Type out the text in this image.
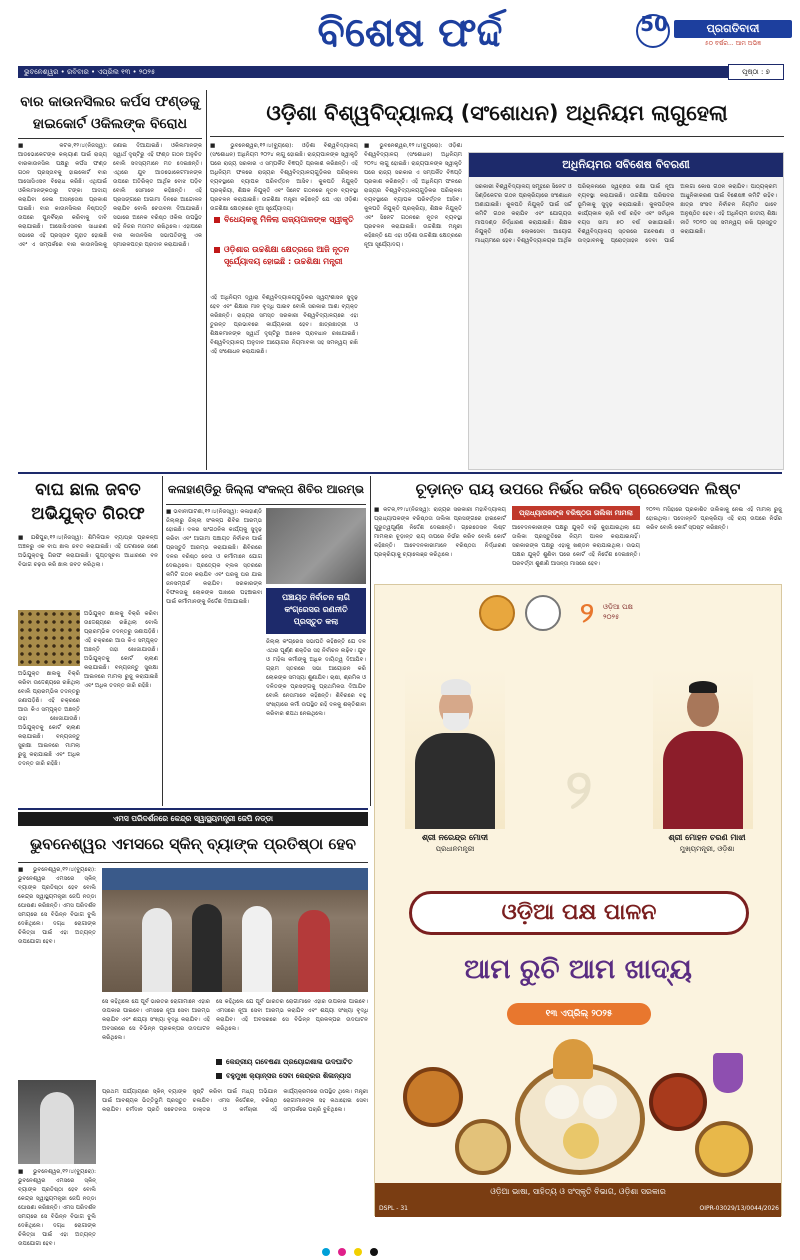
ବିଶେଷ ଫର୍ଦ୍ଦ	50	ପ୍ରଗତିବାଦୀ
୫୦ ବର୍ଷର... ଆମ ଅଭିଜ୍ଞ
ଭୁବନେଶ୍ୱର • ରବିବାର • ଏପ୍ରିଲ ୧୩ • ୨୦୨୫	ପୃଷ୍ଠା : ୭
ବାର କାଉନସିଲର କର୍ପସ ଫଣ୍ଡକୁ
ହାଇକୋର୍ଟ ଓକିଲଙ୍କ ବିରୋଧ
■ କଟକ,୧୨।୪(ନିଜସ୍ୱ): ଆଡଭୋକେଟଙ୍କ କଲ୍ୟାଣ ପାଇଁ ରାଜ୍ୟ ବାରକାଉନସିଲ ପକ୍ଷରୁ କର୍ପସ ଫଣ୍ଡ ଗଠନ ପ୍ରସ୍ତାବକୁ ହାଇକୋର୍ଟ ବାର ଆସୋସିଏସନ ବିରୋଧ କରିଛି। ଏଥିପାଇଁ ଓକିଲମାନଙ୍କଠାରୁ ଟଙ୍କା ଆଦାୟ କରାଯିବା ନେଇ ଅସନ୍ତୋଷ ପ୍ରକାଶ ପାଇଛି। ବାର କାଉନସିଲର ନିଷ୍ପତ୍ତି ଉପରେ ପୁନର୍ବିଚାର କରିବାକୁ ଦାବି କରାଯାଇଛି। ଆସୋସିଏସନର ସାଧାରଣ ସଭାରେ ଏହି ପ୍ରସ୍ତାବ ଗୃହୀତ ହୋଇଛି ଏବଂ ଏ ସମ୍ପର୍କରେ ବାର କାଉନସିଲକୁ ଜଣାଇ ଦିଆଯାଇଛି। ଓକିଲମାନଙ୍କ ସ୍ୱାର୍ଥ ଦୃଷ୍ଟିରୁ ଏହି ଫଣ୍ଡ ଗଠନ ଅନୁଚିତ ବୋଲି ସଦସ୍ୟମାନେ ମତ ଦେଇଛନ୍ତି। ଏଥିରେ ଯୁବ ଆଡଭୋକେଟମାନଙ୍କ ଉପରେ ଅତିରିକ୍ତ ଆର୍ଥିକ ବୋଝ ପଡ଼ିବ ବୋଲି ସେମାନେ କହିଛନ୍ତି। ଏହି ପ୍ରସଙ୍ଗରେ ଆଗାମୀ ଦିନରେ ଆନ୍ଦୋଳନ କରାଯିବ ବୋଲି ଚେତାବନୀ ଦିଆଯାଇଛି। ସଭାରେ ଅନେକ ବରିଷ୍ଠ ଓକିଲ ଉପସ୍ଥିତ ରହି ନିଜର ମତାମତ ରଖିଥିଲେ। ଏହାପରେ ବାର କାଉନସିଲ ସଭାପତିଙ୍କୁ ଏକ ସ୍ମାରକପତ୍ର ପ୍ରଦାନ କରାଯାଇଛି।
ଓଡ଼ିଶା ବିଶ୍ୱବିଦ୍ୟାଳୟ (ସଂଶୋଧନ) ଅଧିନିୟମ ଲାଗୁହେଲା
■ ଭୁବନେଶ୍ୱର,୧୨।୪(ବ୍ୟୁରୋ): ଓଡ଼ିଶା ବିଶ୍ୱବିଦ୍ୟାଳୟ (ସଂଶୋଧନ) ଅଧିନିୟମ ୨୦୨୪ ଲାଗୁ ହୋଇଛି। ରାଜ୍ୟପାଳଙ୍କ ସ୍ୱୀକୃତି ପରେ ରାଜ୍ୟ ସରକାର ଏ ସମ୍ପର୍କିତ ବିଜ୍ଞପ୍ତି ପ୍ରକାଶ କରିଛନ୍ତି। ଏହି ଅଧିନିୟମ ଫଳରେ ରାଜ୍ୟର ବିଶ୍ୱବିଦ୍ୟାଳୟଗୁଡ଼ିକର ପରିଚାଳନା ବ୍ୟବସ୍ଥାରେ ବ୍ୟାପକ ପରିବର୍ତ୍ତନ ଆସିବ। କୁଳପତି ନିଯୁକ୍ତି ପ୍ରକ୍ରିୟା, ଶିକ୍ଷକ ନିଯୁକ୍ତି ଏବଂ ସିନେଟ ଗଠନରେ ନୂତନ ବ୍ୟବସ୍ଥା ପ୍ରଚଳନ କରାଯାଇଛି। ଉଚ୍ଚଶିକ୍ଷା ମନ୍ତ୍ରୀ କହିଛନ୍ତି ଯେ ଏହା ଓଡ଼ିଶା ଉଚ୍ଚଶିକ୍ଷା କ୍ଷେତ୍ରରେ ନୂଆ ସୂର୍ଯ୍ୟୋଦୟ।
ବିଧେୟକକୁ ମିଳିଲା ରାଜ୍ୟପାଳଙ୍କ ସ୍ୱୀକୃତି
ଓଡ଼ିଶାର ଉଚ୍ଚଶିକ୍ଷା କ୍ଷେତ୍ରରେ ଆଜି ନୂତନ ସୂର୍ଯ୍ୟୋଦୟ ହୋଇଛି : ଉଚ୍ଚଶିକ୍ଷା ମନ୍ତ୍ରୀ
ଏହି ଅଧିନିୟମ ଦ୍ୱାରା ବିଶ୍ୱବିଦ୍ୟାଳୟଗୁଡ଼ିକର ସ୍ୱୟଂଶାସନ ସୁଦୃଢ଼ ହେବ ଏବଂ ଶିକ୍ଷାର ମାନ ବୃଦ୍ଧି ପାଇବ ବୋଲି ସରକାର ଆଶା ବ୍ୟକ୍ତ କରିଛନ୍ତି। ରାଜ୍ୟର ସମସ୍ତ ସରକାରୀ ବିଶ୍ୱବିଦ୍ୟାଳୟରେ ଏହା ତୁରନ୍ତ ପ୍ରଭାବରେ କାର୍ଯ୍ୟକାରୀ ହେବ। ଛାତ୍ରଛାତ୍ରୀ ଓ ଶିକ୍ଷକମାନଙ୍କ ସ୍ୱାର୍ଥ ଦୃଷ୍ଟିରୁ ଅନେକ ପ୍ରାବଧାନ ରଖାଯାଇଛି। ବିଶ୍ୱବିଦ୍ୟାଳୟ ଅନୁଦାନ ଆୟୋଗର ନିୟମାବଳୀ ସହ ସମନ୍ୱୟ ରଖି ଏହି ସଂଶୋଧନ କରାଯାଇଛି।
■ ଭୁବନେଶ୍ୱର,୧୨।୪(ବ୍ୟୁରୋ): ଓଡ଼ିଶା ବିଶ୍ୱବିଦ୍ୟାଳୟ (ସଂଶୋଧନ) ଅଧିନିୟମ ୨୦୨୪ ଲାଗୁ ହୋଇଛି। ରାଜ୍ୟପାଳଙ୍କ ସ୍ୱୀକୃତି ପରେ ରାଜ୍ୟ ସରକାର ଏ ସମ୍ପର୍କିତ ବିଜ୍ଞପ୍ତି ପ୍ରକାଶ କରିଛନ୍ତି। ଏହି ଅଧିନିୟମ ଫଳରେ ରାଜ୍ୟର ବିଶ୍ୱବିଦ୍ୟାଳୟଗୁଡ଼ିକର ପରିଚାଳନା ବ୍ୟବସ୍ଥାରେ ବ୍ୟାପକ ପରିବର୍ତ୍ତନ ଆସିବ। କୁଳପତି ନିଯୁକ୍ତି ପ୍ରକ୍ରିୟା, ଶିକ୍ଷକ ନିଯୁକ୍ତି ଏବଂ ସିନେଟ ଗଠନରେ ନୂତନ ବ୍ୟବସ୍ଥା ପ୍ରଚଳନ କରାଯାଇଛି। ଉଚ୍ଚଶିକ୍ଷା ମନ୍ତ୍ରୀ କହିଛନ୍ତି ଯେ ଏହା ଓଡ଼ିଶା ଉଚ୍ଚଶିକ୍ଷା କ୍ଷେତ୍ରରେ ନୂଆ ସୂର୍ଯ୍ୟୋଦୟ।
ଅଧିନିୟମର ସବିଶେଷ ବିବରଣୀ
ସରକାରୀ ବିଶ୍ୱବିଦ୍ୟାଳୟ ସମୂହରେ ସିନେଟ ଓ ସିଣ୍ଡିକେଟର ଗଠନ ପ୍ରକ୍ରିୟାରେ ସଂଶୋଧନ ଅଣାଯାଇଛି। କୁଳପତି ନିଯୁକ୍ତି ପାଇଁ ସର୍ଚ୍ଚ କମିଟି ଗଠନ କରାଯିବ ଏବଂ ଯୋଗ୍ୟତା ମାପଦଣ୍ଡ ନିର୍ଦ୍ଧାରଣ କରାଯାଇଛି। ଶିକ୍ଷକ ନିଯୁକ୍ତି ଓଡ଼ିଶା ଲୋକସେବା ଆୟୋଗ ମାଧ୍ୟମରେ ହେବ। ବିଶ୍ୱବିଦ୍ୟାଳୟର ଆର୍ଥିକ ପରିଚାଳନାରେ ସ୍ୱଚ୍ଛତା ରକ୍ଷା ପାଇଁ ନୂଆ ବ୍ୟବସ୍ଥା କରାଯାଇଛି। ଉଚ୍ଚଶିକ୍ଷା ପରିଷଦର ଭୂମିକାକୁ ସୁଦୃଢ଼ କରାଯାଇଛି। କୁଳପତିଙ୍କ କାର୍ଯ୍ୟକାଳ ଚାରି ବର୍ଷ ରହିବ ଏବଂ ସର୍ବାଧିକ ବୟସ ସୀମା ୭୦ ବର୍ଷ ରଖାଯାଇଛି। ବିଶ୍ୱବିଦ୍ୟାଳୟ ସ୍ତରରେ ଗବେଷଣା ଓ ଉଦ୍ଭାବନକୁ ପ୍ରୋତ୍ସାହନ ଦେବା ପାଇଁ ଅଲଗା କୋଷ ଗଠନ କରାଯିବ। ପାଠ୍ୟକ୍ରମ ଆଧୁନିକୀକରଣ ପାଇଁ ବିଶେଷଜ୍ଞ କମିଟି ରହିବ। ଛାତ୍ର ସଂସଦ ନିର୍ବାଚନ ନିୟମିତ ଭାବେ ଅନୁଷ୍ଠିତ ହେବ। ଏହି ଅଧିନିୟମ ଜାତୀୟ ଶିକ୍ଷା ନୀତି ୨୦୨୦ ସହ ସମନ୍ୱୟ ରଖି ପ୍ରସ୍ତୁତ କରାଯାଇଛି।
ବାଘ ଛାଲ ଜବତ
ଅଭିଯୁକ୍ତ ଗିରଫ
■ ଯଶିପୁର,୧୨।୪(ନିଜସ୍ୱ): ଶିମିଳିପାଳ ବ୍ୟାଘ୍ର ପ୍ରକଳ୍ପ ଅଞ୍ଚଳରୁ ଏକ ବାଘ ଛାଲ ଜବତ କରାଯାଇଛି। ଏହି ଘଟଣାରେ ଜଣେ ଅଭିଯୁକ୍ତକୁ ଗିରଫ କରାଯାଇଛି। ଗୁପ୍ତସୂଚନା ଆଧାରରେ ବନ ବିଭାଗ ଚଢ଼ଉ କରି ଛାଲ ଜବତ କରିଥିଲା।
ଅଭିଯୁକ୍ତ ଛାଲକୁ ବିକ୍ରି କରିବା ଉଦ୍ଦେଶ୍ୟରେ ରଖିଥିଲା ବୋଲି ପ୍ରାରମ୍ଭିକ ତଦନ୍ତରୁ ଜଣାପଡ଼ିଛି। ଏହି ଚକ୍ରରେ ଆଉ କିଏ ସମ୍ପୃକ୍ତ ଅଛନ୍ତି ତାହା ଖୋଜାଯାଉଛି। ଅଭିଯୁକ୍ତକୁ କୋର୍ଟ ଚାଲାଣ କରାଯାଇଛି। ବନ୍ୟଜନ୍ତୁ ସୁରକ୍ଷା ଆଇନରେ ମାମଲା ରୁଜୁ କରାଯାଇଛି ଏବଂ ଅଧିକ ତଦନ୍ତ ଜାରି ରହିଛି।
ଅଭିଯୁକ୍ତ ଛାଲକୁ ବିକ୍ରି କରିବା ଉଦ୍ଦେଶ୍ୟରେ ରଖିଥିଲା ବୋଲି ପ୍ରାରମ୍ଭିକ ତଦନ୍ତରୁ ଜଣାପଡ଼ିଛି। ଏହି ଚକ୍ରରେ ଆଉ କିଏ ସମ୍ପୃକ୍ତ ଅଛନ୍ତି ତାହା ଖୋଜାଯାଉଛି। ଅଭିଯୁକ୍ତକୁ କୋର୍ଟ ଚାଲାଣ କରାଯାଇଛି। ବନ୍ୟଜନ୍ତୁ ସୁରକ୍ଷା ଆଇନରେ ମାମଲା ରୁଜୁ କରାଯାଇଛି ଏବଂ ଅଧିକ ତଦନ୍ତ ଜାରି ରହିଛି।
କଳାହାଣ୍ଡିରୁ ଜିଲ୍ଲା ସଂକଳ୍ପ ଶିବିର ଆରମ୍ଭ
■ ଭବାନୀପାଟଣା,୧୨।୪(ନିଜସ୍ୱ): କଳାହାଣ୍ଡି ଜିଲ୍ଲାରୁ ଜିଲ୍ଲା ସଂକଳ୍ପ ଶିବିର ଆରମ୍ଭ ହୋଇଛି। ଦଳର ସାଂଗଠନିକ କାର୍ଯ୍ୟକୁ ସୁଦୃଢ଼ କରିବା ଏବଂ ଆଗାମୀ ପଞ୍ଚାୟତ ନିର୍ବାଚନ ପାଇଁ ପ୍ରସ୍ତୁତି ଆରମ୍ଭ କରାଯାଇଛି। ଶିବିରରେ ଦଳର ବରିଷ୍ଠ ନେତା ଓ କର୍ମୀମାନେ ଯୋଗ ଦେଇଥିଲେ। ପ୍ରତ୍ୟେକ ବ୍ଲକ ସ୍ତରରେ କମିଟି ଗଠନ କରାଯିବ ଏବଂ ଘରକୁ ଘର ଯାଇ ଜନସମ୍ପର୍କ କରାଯିବ। ସରକାରଙ୍କ ବିଫଳତାକୁ ଲୋକଙ୍କ ପାଖରେ ପହଞ୍ଚାଇବା ପାଇଁ କର୍ମୀମାନଙ୍କୁ ନିର୍ଦ୍ଦେଶ ଦିଆଯାଇଛି।	ପଞ୍ଚାୟତ ନିର୍ବାଚନ ଲାଗି କଂଗ୍ରେସର ରଣନୀତି ପ୍ରସ୍ତୁତ କଲା
ଜିଲ୍ଲା କଂଗ୍ରେସ ସଭାପତି କହିଛନ୍ତି ଯେ ଦଳ ଏଥର ପୂର୍ଣ୍ଣ ଶକ୍ତିର ସହ ନିର୍ବାଚନ ଲଢ଼ିବ। ଯୁବ ଓ ମହିଳା କର୍ମୀଙ୍କୁ ଅଧିକ ଦାୟିତ୍ୱ ଦିଆଯିବ। ଗ୍ରାମ ସ୍ତରରେ ସଭା ଆୟୋଜନ କରି ଲୋକଙ୍କ ସମସ୍ୟା ଶୁଣାଯିବ। ଚାଷୀ, ଶ୍ରମିକ ଓ ଦଳିତଙ୍କ ପ୍ରସଙ୍ଗକୁ ପ୍ରାଥମିକତା ଦିଆଯିବ ବୋଲି ନେତାମାନେ କହିଛନ୍ତି। ଶିବିରରେ ବହୁ ସଂଖ୍ୟାରେ କର୍ମୀ ଉପସ୍ଥିତ ରହି ଦଳକୁ ଶକ୍ତିଶାଳୀ କରିବାର ଶପଥ ନେଇଥିଲେ।
ଚୂଡ଼ାନ୍ତ ରାୟ ଉପରେ ନିର୍ଭର କରିବ ଗ୍ରେଡେସନ ଲିଷ୍ଟ
■ କଟକ,୧୨।୪(ନିଜସ୍ୱ): ରାଜ୍ୟର ସରକାରୀ ମହାବିଦ୍ୟାଳୟ ପ୍ରାଧ୍ୟାପକଙ୍କ ବରିଷ୍ଠତା ତାଲିକା ପ୍ରସଙ୍ଗରେ ହାଇକୋର୍ଟ ଗୁରୁତ୍ୱପୂର୍ଣ୍ଣ ନିର୍ଦ୍ଦେଶ ଦେଇଛନ୍ତି। ଗ୍ରେଡେସନ ଲିଷ୍ଟ ମାମଲାର ଚୂଡ଼ାନ୍ତ ରାୟ ଉପରେ ନିର୍ଭର କରିବ ବୋଲି କୋର୍ଟ କହିଛନ୍ତି। ଆବେଦନକାରୀମାନେ ବରିଷ୍ଠତା ନିର୍ଦ୍ଧାରଣ ପ୍ରକ୍ରିୟାକୁ ଚ୍ୟାଲେଞ୍ଜ କରିଥିଲେ।
ପ୍ରାଧ୍ୟାପକଙ୍କ ବରିଷ୍ଠତା ତାଲିକା ମାମଲା
ଆବେଦନକାରୀଙ୍କ ପକ୍ଷରୁ ଯୁକ୍ତି ବାଢ଼ି କୁହାଯାଇଥିଲା ଯେ ତାଲିକା ପ୍ରସ୍ତୁତିରେ ନିୟମ ପାଳନ କରାଯାଇନାହିଁ। ସରକାରଙ୍କ ପକ୍ଷରୁ ଏହାକୁ ଖଣ୍ଡନ କରାଯାଇଥିଲା। ଉଭୟ ପକ୍ଷର ଯୁକ୍ତି ଶୁଣିବା ପରେ କୋର୍ଟ ଏହି ନିର୍ଦ୍ଦେଶ ଦେଇଛନ୍ତି। ପରବର୍ତ୍ତୀ ଶୁଣାଣି ଆସନ୍ତା ମାସରେ ହେବ।
୨୦୨୩ ମସିହାରେ ପ୍ରକାଶିତ ତାଲିକାକୁ ନେଇ ଏହି ମାମଲା ରୁଜୁ ହୋଇଥିଲା। ପଦୋନ୍ନତି ପ୍ରକ୍ରିୟା ଏହି ରାୟ ଉପରେ ନିର୍ଭର କରିବ ବୋଲି କୋର୍ଟ ସ୍ପଷ୍ଟ କରିଛନ୍ତି।
୨	ଓଡ଼ିଆ ପକ୍ଷ
୨୦୨୫
ଶ୍ରୀ ନରେନ୍ଦ୍ର ମୋଦୀ
ପ୍ରଧାନମନ୍ତ୍ରୀ
୨
ଶ୍ରୀ ମୋହନ ଚରଣ ମାଝୀ
ମୁଖ୍ୟମନ୍ତ୍ରୀ, ଓଡ଼ିଶା
ଓଡ଼ିଆ ପକ୍ଷ ପାଳନ
ଆମ ରୁଚି ଆମ ଖାଦ୍ୟ
୧୩ ଏପ୍ରିଲ୍ ୨୦୨୫
ଓଡ଼ିଆ ଭାଷା, ସାହିତ୍ୟ ଓ ସଂସ୍କୃତି ବିଭାଗ, ଓଡ଼ିଶା ସରକାର
DSPL - 31	OIPR-03029/13/0044/2026
ଏମସ ପରିଦର୍ଶନରେ କେନ୍ଦ୍ର ସ୍ୱାସ୍ଥ୍ୟମନ୍ତ୍ରୀ ଜେପି ନଡ୍ଡା
ଭୁବନେଶ୍ୱର ଏମସରେ ସ୍କିନ୍ ବ୍ୟାଙ୍କ ପ୍ରତିଷ୍ଠା ହେବ
■ ଭୁବନେଶ୍ୱର,୧୨।୪(ବ୍ୟୁରୋ): ଭୁବନେଶ୍ୱର ଏମସରେ ସ୍କିନ୍ ବ୍ୟାଙ୍କ ପ୍ରତିଷ୍ଠା ହେବ ବୋଲି କେନ୍ଦ୍ର ସ୍ୱାସ୍ଥ୍ୟମନ୍ତ୍ରୀ ଜେପି ନଡ୍ଡା ଘୋଷଣା କରିଛନ୍ତି। ଏମସ ପରିଦର୍ଶନ ସମୟରେ ସେ ବିଭିନ୍ନ ବିଭାଗ ବୁଲି ଦେଖିଥିଲେ। ଦଗ୍ଧ ରୋଗୀଙ୍କ ଚିକିତ୍ସା ପାଇଁ ଏହା ଅତ୍ୟନ୍ତ ଉପଯୋଗୀ ହେବ।
ସେ କହିଥିଲେ ଯେ ପୂର୍ବ ଭାରତର ରୋଗୀମାନେ ଏହାର ଉପକାର ପାଇବେ। ଏମସରେ ନୂଆ ସେବା ଆରମ୍ଭ କରାଯିବ ଏବଂ ଶଯ୍ୟା ସଂଖ୍ୟା ବୃଦ୍ଧି କରାଯିବ। ଏହି ଅବସରରେ ସେ ବିଭିନ୍ନ ପ୍ରକଳ୍ପର ଉଦଘାଟନ କରିଥିଲେ।
ସେ କହିଥିଲେ ଯେ ପୂର୍ବ ଭାରତର ରୋଗୀମାନେ ଏହାର ଉପକାର ପାଇବେ। ଏମସରେ ନୂଆ ସେବା ଆରମ୍ଭ କରାଯିବ ଏବଂ ଶଯ୍ୟା ସଂଖ୍ୟା ବୃଦ୍ଧି କରାଯିବ। ଏହି ଅବସରରେ ସେ ବିଭିନ୍ନ ପ୍ରକଳ୍ପର ଉଦଘାଟନ କରିଥିଲେ।
କେନ୍ଦ୍ରୀୟ ଗବେଷଣା ପ୍ରୟୋଗଶାଳା ଉଦଘାଟିତ
ବହୁମୁଖୀ କ୍ୟାନ୍ସର ସେବା କେନ୍ଦ୍ରର ଶିଳାନ୍ୟାସ
ପ୍ରଥମ ପର୍ଯ୍ୟାୟରେ ସ୍କିନ୍ ବ୍ୟାଙ୍କ ପାଇଁ ଆବଶ୍ୟକ ଭିତ୍ତିଭୂମି ପ୍ରସ୍ତୁତ କରାଯିବ। ଚର୍ମଦାନ ପ୍ରତି ସଚେତନତା ସୃଷ୍ଟି କରିବା ପାଇଁ ମଧ୍ୟ ଅଭିଯାନ ଚଳାଯିବ। ଏମସ ନିର୍ଦ୍ଦେଶକ, ବରିଷ୍ଠ ଡାକ୍ତର ଓ କର୍ମଚାରୀ ଏହି କାର୍ଯ୍ୟକ୍ରମରେ ଉପସ୍ଥିତ ଥିଲେ। ମନ୍ତ୍ରୀ ରୋଗୀମାନଙ୍କ ସହ କଥାହୋଇ ସେବା ସମ୍ପର୍କରେ ପଚାରି ବୁଝିଥିଲେ।
■ ଭୁବନେଶ୍ୱର,୧୨।୪(ବ୍ୟୁରୋ): ଭୁବନେଶ୍ୱର ଏମସରେ ସ୍କିନ୍ ବ୍ୟାଙ୍କ ପ୍ରତିଷ୍ଠା ହେବ ବୋଲି କେନ୍ଦ୍ର ସ୍ୱାସ୍ଥ୍ୟମନ୍ତ୍ରୀ ଜେପି ନଡ୍ଡା ଘୋଷଣା କରିଛନ୍ତି। ଏମସ ପରିଦର୍ଶନ ସମୟରେ ସେ ବିଭିନ୍ନ ବିଭାଗ ବୁଲି ଦେଖିଥିଲେ। ଦଗ୍ଧ ରୋଗୀଙ୍କ ଚିକିତ୍ସା ପାଇଁ ଏହା ଅତ୍ୟନ୍ତ ଉପଯୋଗୀ ହେବ।
